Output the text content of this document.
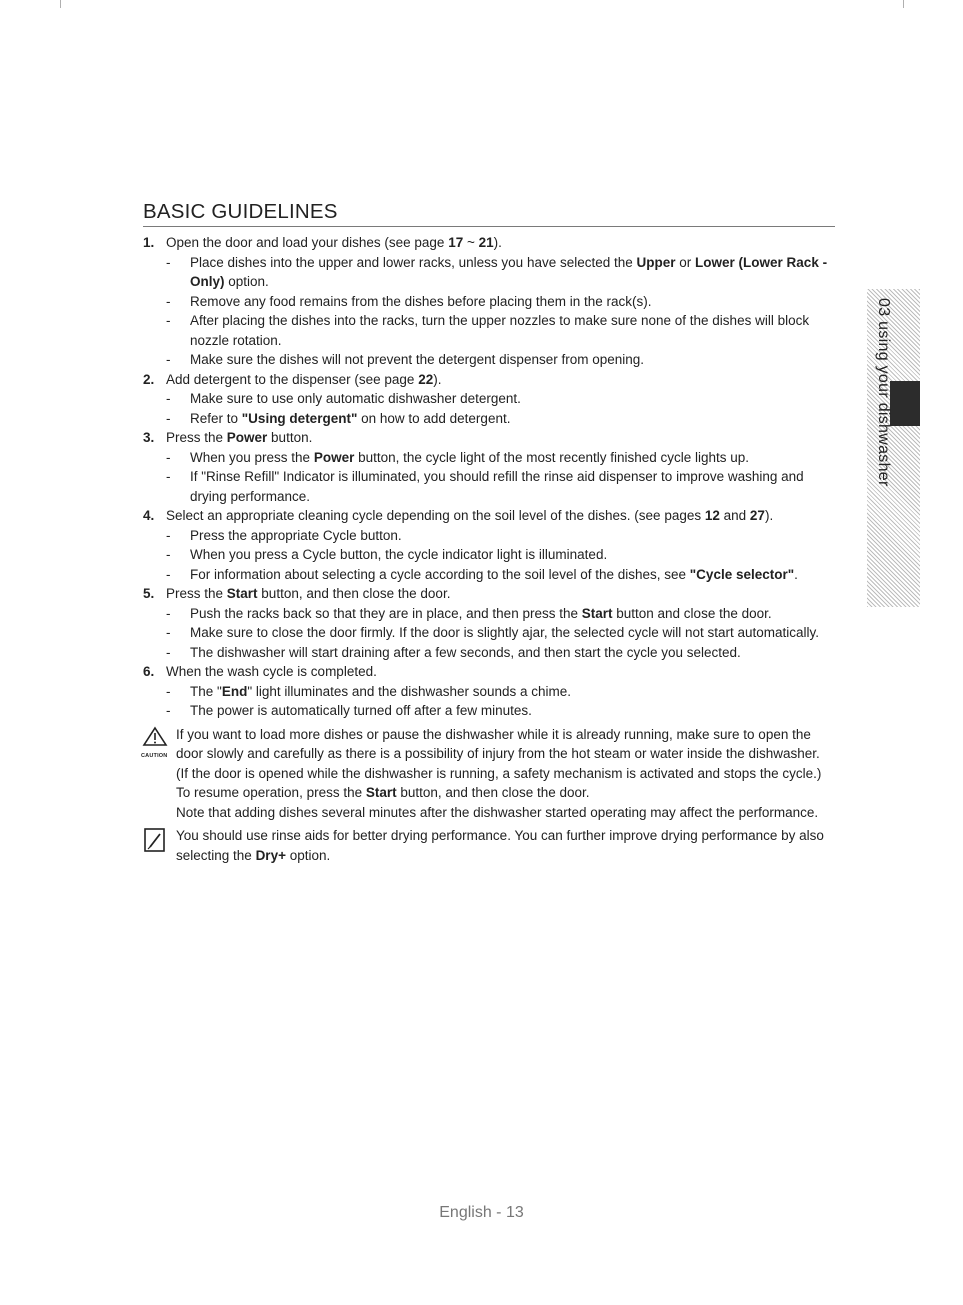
BASIC GUIDELINES
1. Open the door and load your dishes (see page 17 ~ 21).
-	Place dishes into the upper and lower racks, unless you have selected the Upper or Lower (Lower Rack - Only) option.
-	Remove any food remains from the dishes before placing them in the rack(s).
-	After placing the dishes into the racks, turn the upper nozzles to make sure none of the dishes will block nozzle rotation.
-	Make sure the dishes will not prevent the detergent dispenser from opening.
2. Add detergent to the dispenser (see page 22).
-	Make sure to use only automatic dishwasher detergent.
-	Refer to "Using detergent" on how to add detergent.
3. Press the Power button.
-	When you press the Power button, the cycle light of the most recently finished cycle lights up.
-	If "Rinse Refill" Indicator is illuminated, you should refill the rinse aid dispenser to improve washing and drying performance.
4. Select an appropriate cleaning cycle depending on the soil level of the dishes. (see pages 12 and 27).
-	Press the appropriate Cycle button.
-	When you press a Cycle button, the cycle indicator light is illuminated.
-	For information about selecting a cycle according to the soil level of the dishes, see "Cycle selector".
5. Press the Start button, and then close the door.
-	Push the racks back so that they are in place, and then press the Start button and close the door.
-	Make sure to close the door firmly. If the door is slightly ajar, the selected cycle will not start automatically.
-	The dishwasher will start draining after a few seconds, and then start the cycle you selected.
6. When the wash cycle is completed.
-	The "End" light illuminates and the dishwasher sounds a chime.
-	The power is automatically turned off after a few minutes.
CAUTION

If you want to load more dishes or pause the dishwasher while it is already running, make sure to open the door slowly and carefully as there is a possibility of injury from the hot steam or water inside the dishwasher.

(If the door is opened while the dishwasher is running, a safety mechanism is activated and stops the cycle.) To resume operation, press the Start button, and then close the door.

Note that adding dishes several minutes after the dishwasher started operating may affect the performance.

You should use rinse aids for better drying performance. You can further improve drying performance by also selecting the Dry+ option.

03 using your dishwasher
English - 13
